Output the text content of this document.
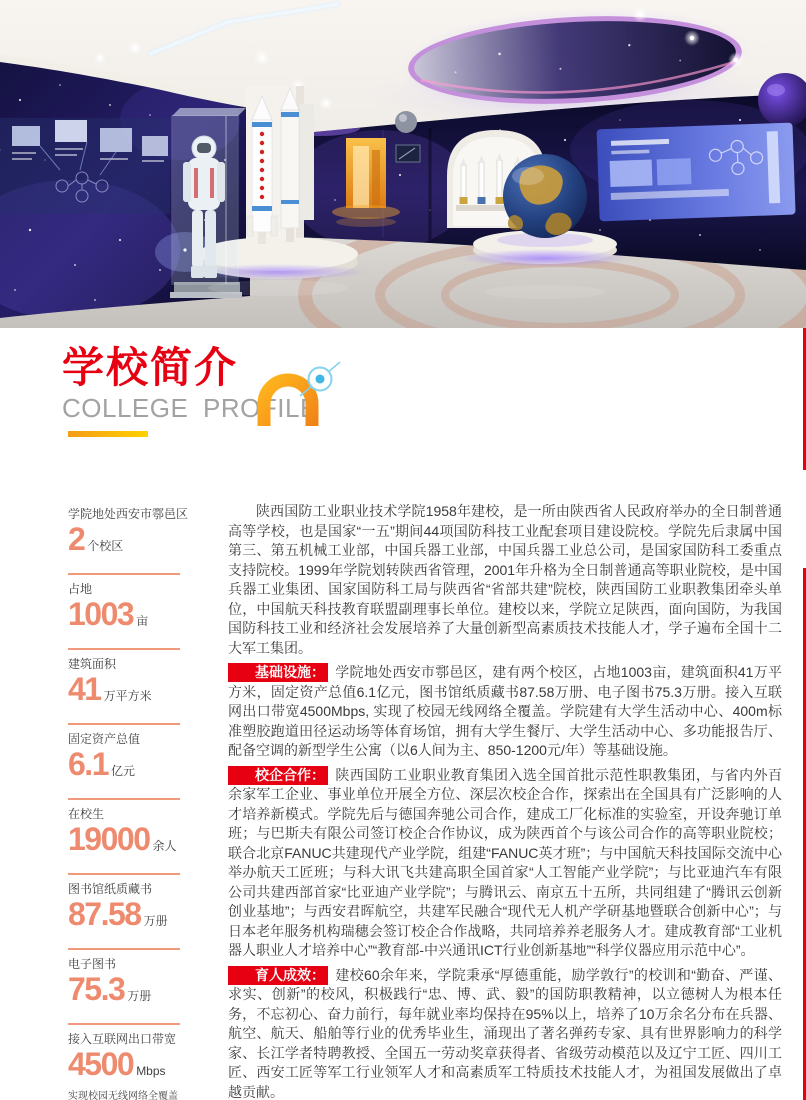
学校简介
COLLEGE PROFILE
学院地处西安市鄠邑区
2 个校区
占地
1003 亩
建筑面积
41 万平方米
固定资产总值
6.1 亿元
在校生
19000 余人
图书馆纸质藏书
87.58 万册
电子图书
75.3 万册
接入互联网出口带宽
4500 Mbps
实现校园无线网络全覆盖

陕西国防工业职业技术学院1958年建校，是一所由陕西省人民政府举办的全日制普通高等学校，也是国家“一五”期间44项国防科技工业配套项目建设院校。学院先后隶属中国第三、第五机械工业部，中国兵器工业部，中国兵器工业总公司，是国家国防科工委重点支持院校。1999年学院划转陕西省管理，2001年升格为全日制普通高等职业院校，是中国兵器工业集团、国家国防科工局与陕西省“省部共建”院校，陕西国防工业职教集团牵头单位，中国航天科技教育联盟副理事长单位。建校以来，学院立足陕西，面向国防，为我国国防科技工业和经济社会发展培养了大量创新型高素质技术技能人才，学子遍布全国十二大军工集团。

基础设施： 学院地处西安市鄠邑区，建有两个校区，占地1003亩，建筑面积41万平方米，固定资产总值6.1亿元，图书馆纸质藏书87.58万册、电子图书75.3万册。接入互联网出口带宽4500Mbps, 实现了校园无线网络全覆盖。学院建有大学生活动中心、400m标准塑胶跑道田径运动场等体育场馆，拥有大学生餐厅、大学生活动中心、多功能报告厅、配备空调的新型学生公寓（以6人间为主、850-1200元/年）等基础设施。

校企合作： 陕西国防工业职业教育集团入选全国首批示范性职教集团，与省内外百余家军工企业、事业单位开展全方位、深层次校企合作，探索出在全国具有广泛影响的人才培养新模式。学院先后与德国奔驰公司合作，建成工厂化标准的实验室，开设奔驰订单班；与巴斯夫有限公司签订校企合作协议，成为陕西首个与该公司合作的高等职业院校；联合北京FANUC共建现代产业学院，组建“FANUC英才班”；与中国航天科技国际交流中心举办航天工匠班；与科大讯飞共建高职全国首家“人工智能产业学院”；与比亚迪汽车有限公司共建西部首家“比亚迪产业学院”；与腾讯云、南京五十五所，共同组建了“腾讯云创新创业基地”；与西安君晖航空，共建军民融合“现代无人机产学研基地暨联合创新中心”；与日本老年服务机构瑞穗会签订校企合作战略，共同培养养老服务人才。建成教育部“工业机器人职业人才培养中心”“教育部-中兴通讯ICT行业创新基地”“科学仪器应用示范中心”。

育人成效： 建校60余年来，学院秉承“厚德重能，励学敦行”的校训和“勤奋、严谨、求实、创新”的校风，积极践行“忠、博、武、毅”的国防职教精神，以立德树人为根本任务，不忘初心、奋力前行，每年就业率均保持在95%以上，培养了10万余名分布在兵器、航空、航天、船舶等行业的优秀毕业生，涌现出了著名弹药专家、具有世界影响力的科学家、长江学者特聘教授、全国五一劳动奖章获得者、省级劳动模范以及辽宁工匠、四川工匠、西安工匠等军工行业领军人才和高素质军工特质技术技能人才，为祖国发展做出了卓越贡献。
